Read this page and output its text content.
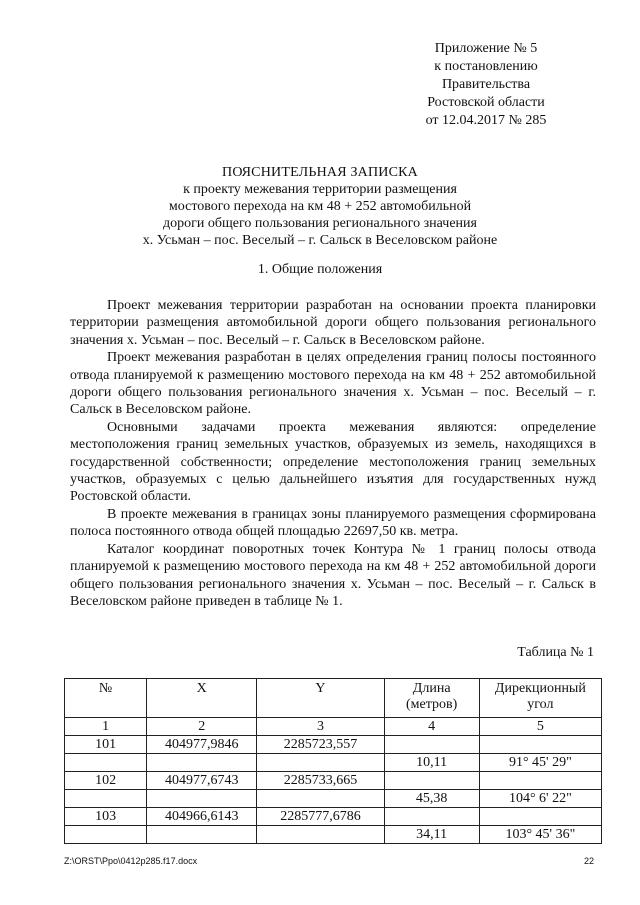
Приложение № 5
к постановлению
Правительства
Ростовской области
от 12.04.2017 № 285
ПОЯСНИТЕЛЬНАЯ ЗАПИСКА
к проекту межевания территории размещения
мостового перехода на км 48 + 252 автомобильной
дороги общего пользования регионального значения
х. Усьман – пос. Веселый – г. Сальск в Веселовском районе
1. Общие положения

Проект межевания территории разработан на основании проекта планировки территории размещения автомобильной дороги общего пользования регионального значения х. Усьман – пос. Веселый – г. Сальск в Веселовском районе.

Проект межевания разработан в целях определения границ полосы постоянного отвода планируемой к размещению мостового перехода на км 48 + 252 автомобильной дороги общего пользования регионального значения х. Усьман – пос. Веселый – г. Сальск в Веселовском районе.

Основными задачами проекта межевания являются: определение местоположения границ земельных участков, образуемых из земель, находящихся в государственной собственности; определение местоположения границ земельных участков, образуемых с целью дальнейшего изъятия для государственных нужд Ростовской области.

В проекте межевания в границах зоны планируемого размещения сформирована полоса постоянного отвода общей площадью 22697,50 кв. метра.

Каталог координат поворотных точек Контура № 1 границ полосы отвода планируемой к размещению мостового перехода на км 48 + 252 автомобильной дороги общего пользования регионального значения х. Усьман – пос. Веселый – г. Сальск в Веселовском районе приведен в таблице № 1.

Таблица № 1
№	X	Y	Длина (метров)	Дирекционный угол
1	2	3	4	5
101	404977,9846	2285723,557		
			10,11	91° 45' 29"
102	404977,6743	2285733,665		
			45,38	104° 6' 22"
103	404966,6143	2285777,6786		
			34,11	103° 45' 36"
Z:\ORST\Ppo\0412p285.f17.docx	22
